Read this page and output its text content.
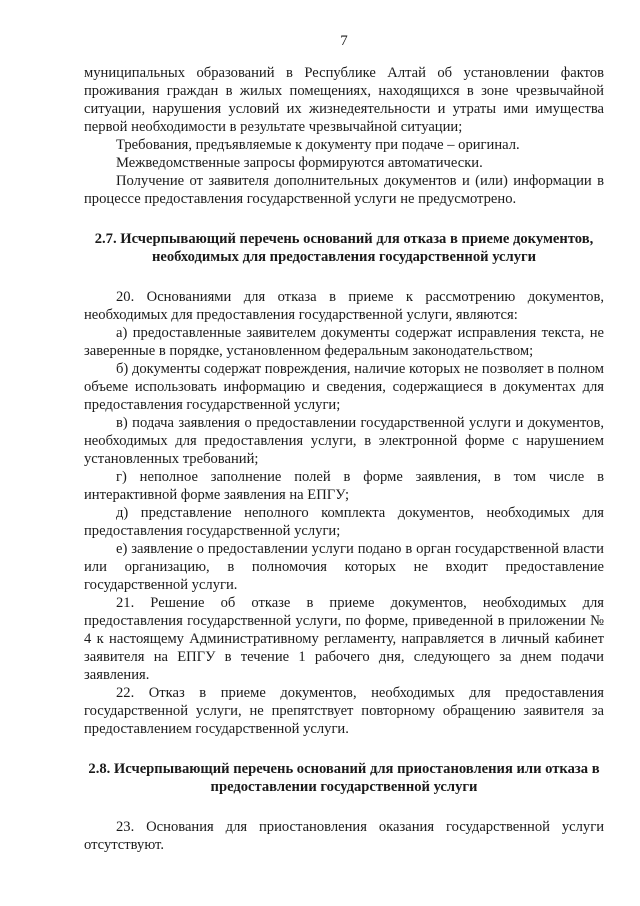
7

муниципальных образований в Республике Алтай об установлении фактов проживания граждан в жилых помещениях, находящихся в зоне чрезвычайной ситуации, нарушения условий их жизнедеятельности и утраты ими имущества первой необходимости в результате чрезвычайной ситуации;

Требования, предъявляемые к документу при подаче – оригинал.

Межведомственные запросы формируются автоматически.

Получение от заявителя дополнительных документов и (или) информации в процессе предоставления государственной услуги не предусмотрено.

2.7. Исчерпывающий перечень оснований для отказа в приеме документов, необходимых для предоставления государственной услуги

20. Основаниями для отказа в приеме к рассмотрению документов, необходимых для предоставления государственной услуги, являются:

а) предоставленные заявителем документы содержат исправления текста, не заверенные в порядке, установленном федеральным законодательством;

б) документы содержат повреждения, наличие которых не позволяет в полном объеме использовать информацию и сведения, содержащиеся в документах для предоставления государственной услуги;

в) подача заявления о предоставлении государственной услуги и документов, необходимых для предоставления услуги, в электронной форме с нарушением установленных требований;

г) неполное заполнение полей в форме заявления, в том числе в интерактивной форме заявления на ЕПГУ;

д) представление неполного комплекта документов, необходимых для предоставления государственной услуги;

е) заявление о предоставлении услуги подано в орган государственной власти или организацию, в полномочия которых не входит предоставление государственной услуги.

21. Решение об отказе в приеме документов, необходимых для предоставления государственной услуги, по форме, приведенной в приложении № 4 к настоящему Административному регламенту, направляется в личный кабинет заявителя на ЕПГУ в течение 1 рабочего дня, следующего за днем подачи заявления.

22. Отказ в приеме документов, необходимых для предоставления государственной услуги, не препятствует повторному обращению заявителя за предоставлением государственной услуги.

2.8. Исчерпывающий перечень оснований для приостановления или отказа в предоставлении государственной услуги

23. Основания для приостановления оказания государственной услуги отсутствуют.
